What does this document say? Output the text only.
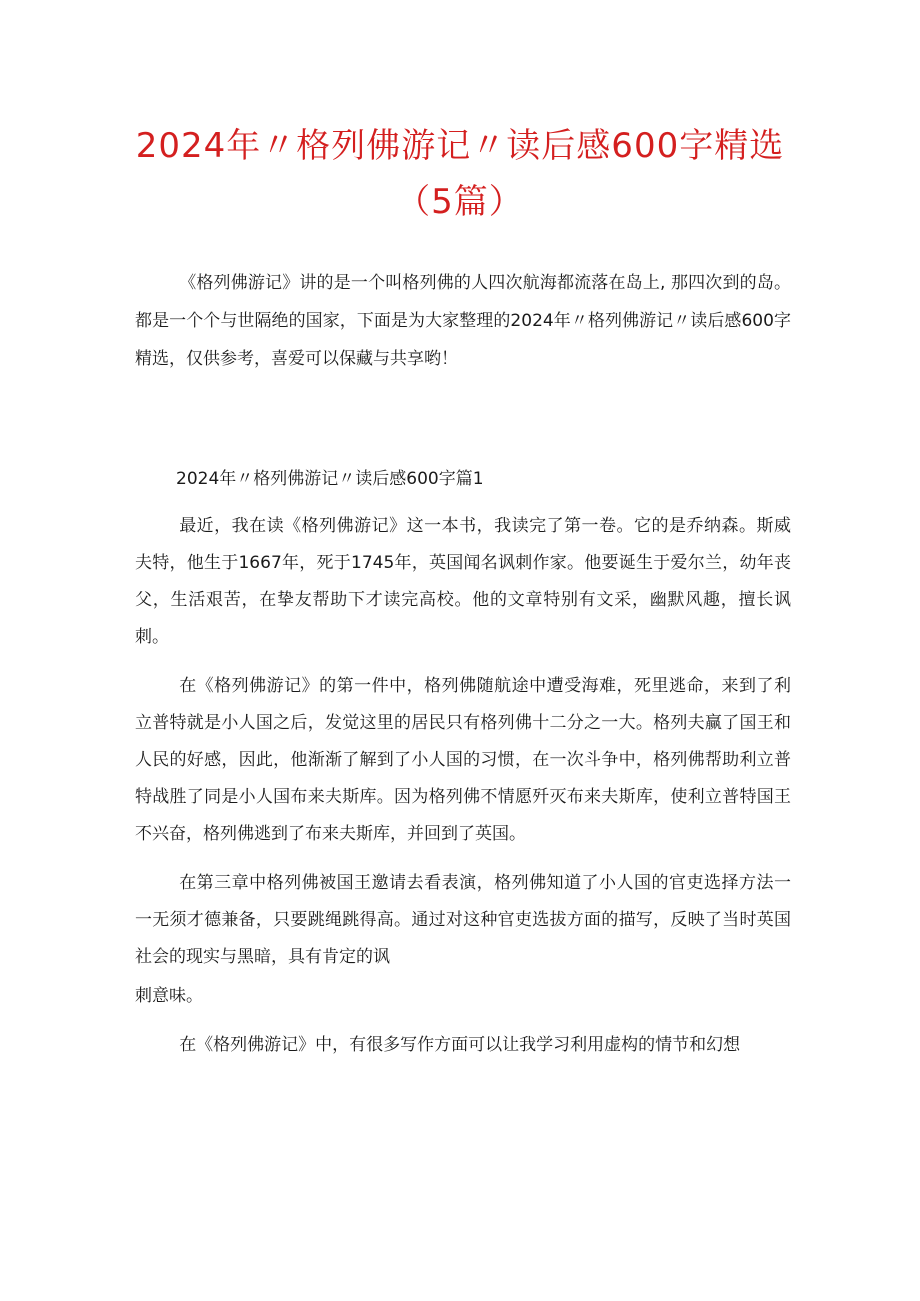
2024年〃格列佛游记〃读后感600字精选（5篇）

《格列佛游记》讲的是一个叫格列佛的人四次航海都流落在岛上, 那四次到的岛。都是一个个与世隔绝的国家，下面是为大家整理的2024年〃格列佛游记〃读后感600字精选，仅供参考，喜爱可以保藏与共享哟！

2024年〃格列佛游记〃读后感600字篇1

最近，我在读《格列佛游记》这一本书，我读完了第一卷。它的是乔纳森。斯威夫特，他生于1667年，死于1745年，英国闻名讽刺作家。他要诞生于爱尔兰，幼年丧父，生活艰苦，在挚友帮助下才读完高校。他的文章特别有文采，幽默风趣，擅长讽刺。

在《格列佛游记》的第一件中，格列佛随航途中遭受海难，死里逃命，来到了利立普特就是小人国之后，发觉这里的居民只有格列佛十二分之一大。格列夫赢了国王和人民的好感，因此，他渐渐了解到了小人国的习惯，在一次斗争中，格列佛帮助利立普特战胜了同是小人国布来夫斯库。因为格列佛不情愿歼灭布来夫斯库，使利立普特国王不兴奋，格列佛逃到了布来夫斯库，并回到了英国。

在第三章中格列佛被国王邀请去看表演，格列佛知道了小人国的官吏选择方法一一无须才德兼备，只要跳绳跳得高。通过对这种官吏选拔方面的描写，反映了当时英国社会的现实与黑暗，具有肯定的讽
刺意味。

在《格列佛游记》中，有很多写作方面可以让我学习利用虚构的情节和幻想
